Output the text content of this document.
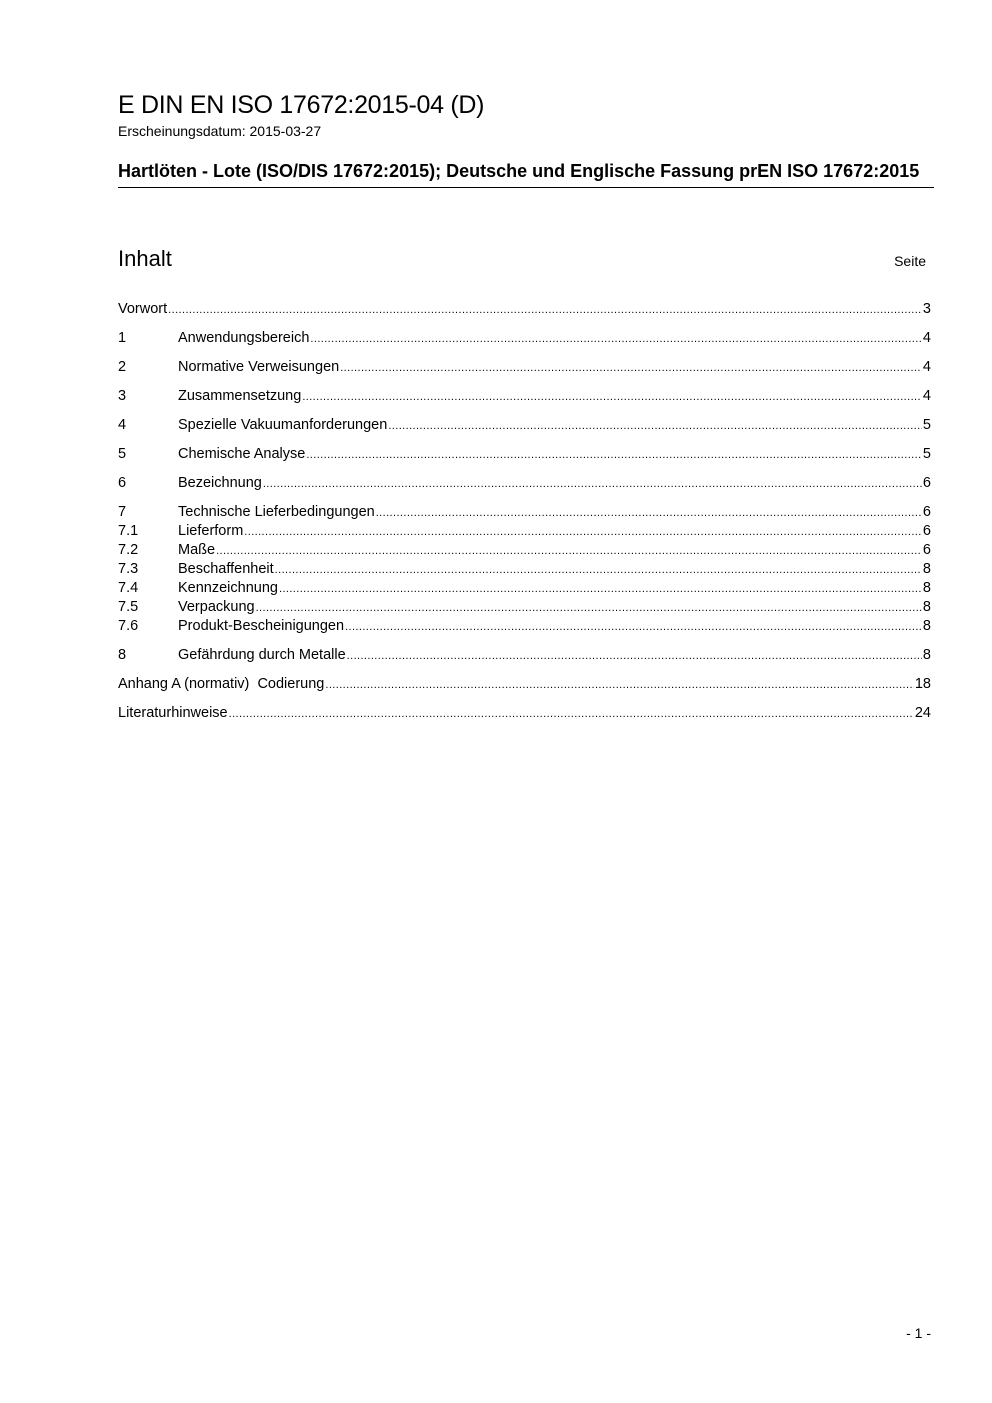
E DIN EN ISO 17672:2015-04 (D)
Erscheinungsdatum: 2015-03-27
Hartlöten - Lote (ISO/DIS 17672:2015); Deutsche und Englische Fassung prEN ISO 17672:2015
Inhalt	Seite
Vorwort .....	3
1	Anwendungsbereich .....	4
2	Normative Verweisungen .....	4
3	Zusammensetzung .....	4
4	Spezielle Vakuumanforderungen .....	5
5	Chemische Analyse .....	5
6	Bezeichnung .....	6
7	Technische Lieferbedingungen .....	6
7.1	Lieferform .....	6
7.2	Maße .....	6
7.3	Beschaffenheit .....	8
7.4	Kennzeichnung .....	8
7.5	Verpackung .....	8
7.6	Produkt-Bescheinigungen .....	8
8	Gefährdung durch Metalle .....	8
Anhang A (normativ) Codierung .....	18
Literaturhinweise .....	24
- 1 -
